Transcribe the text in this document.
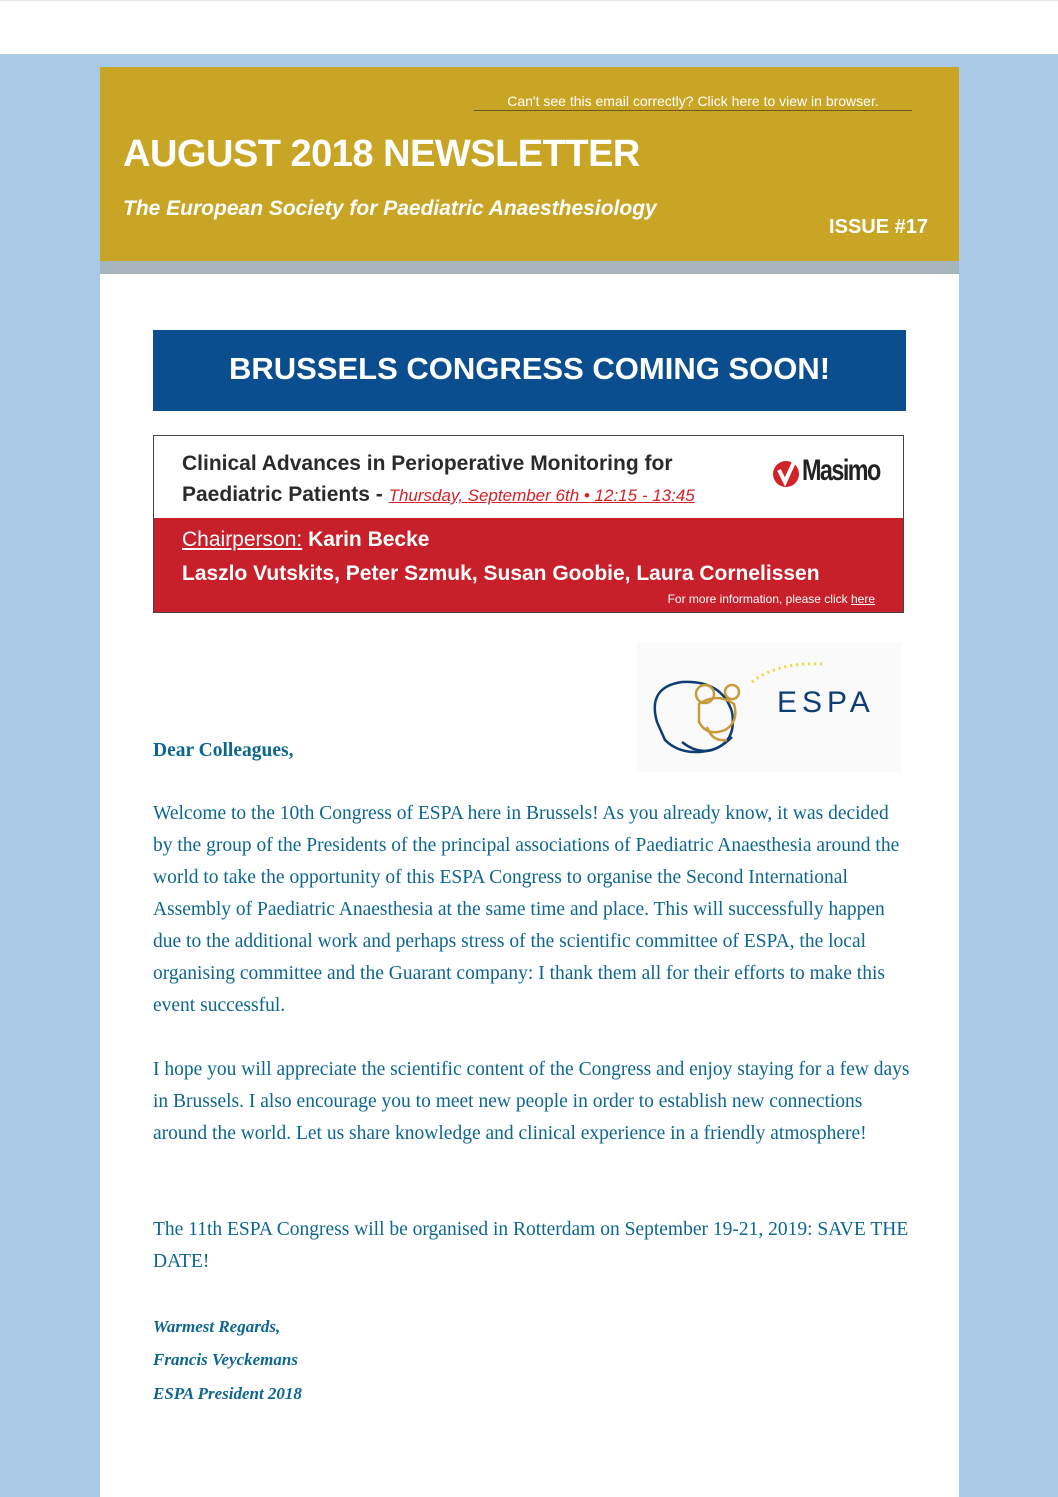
Can't see this email correctly? Click here to view in browser.
AUGUST 2018 NEWSLETTER
The European Society for Paediatric Anaesthesiology
ISSUE #17
BRUSSELS CONGRESS COMING SOON!
Clinical Advances in Perioperative Monitoring for
Paediatric Patients - Thursday, September 6th • 12:15 - 13:45
Masimo
Chairperson: Karin Becke
Laszlo Vutskits, Peter Szmuk, Susan Goobie, Laura Cornelissen
For more information, please click here
ESPA
Dear Colleagues,
Welcome to the 10th Congress of ESPA here in Brussels! As you already know, it was decided by the group of the Presidents of the principal associations of Paediatric Anaesthesia around the world to take the opportunity of this ESPA Congress to organise the Second International Assembly of Paediatric Anaesthesia at the same time and place. This will successfully happen due to the additional work and perhaps stress of the scientific committee of ESPA, the local organising committee and the Guarant company: I thank them all for their efforts to make this event successful.
I hope you will appreciate the scientific content of the Congress and enjoy staying for a few days in Brussels. I also encourage you to meet new people in order to establish new connections around the world. Let us share knowledge and clinical experience in a friendly atmosphere!
The 11th ESPA Congress will be organised in Rotterdam on September 19-21, 2019: SAVE THE DATE!
Warmest Regards,
Francis Veyckemans
ESPA President 2018
